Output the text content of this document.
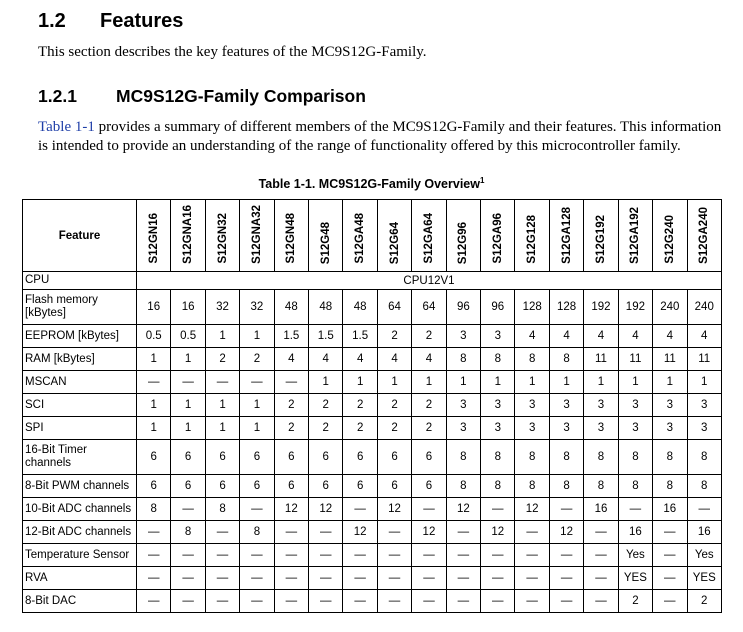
1.2 Features
This section describes the key features of the MC9S12G-Family.
1.2.1 MC9S12G-Family Comparison
Table 1-1 provides a summary of different members of the MC9S12G-Family and their features. This information is intended to provide an understanding of the range of functionality offered by this microcontroller family.
Table 1-1. MC9S12G-Family Overview$^1$
Feature	S12GN16	S12GNA16	S12GN32	S12GNA32	S12GN48	S12G48	S12GA48	S12G64	S12GA64	S12G96	S12GA96	S12G128	S12GA128	S12G192	S12GA192	S12G240	S12GA240
CPU	CPU12V1																
Flash memory [kBytes]	16	16	32	32	48	48	48	64	64	96	96	128	128	192	192	240	240
EEPROM [kBytes]	0.5	0.5	1	1	1.5	1.5	1.5	2	2	3	3	4	4	4	4	4	4
RAM [kBytes]	1	1	2	2	4	4	4	4	4	8	8	8	8	11	11	11	11
MSCAN	—	—	—	—	—	1	1	1	1	1	1	1	1	1	1	1	1
SCI	1	1	1	1	2	2	2	2	2	3	3	3	3	3	3	3	3
SPI	1	1	1	1	2	2	2	2	2	3	3	3	3	3	3	3	3
16-Bit Timer channels	6	6	6	6	6	6	6	6	6	8	8	8	8	8	8	8	8
8-Bit PWM channels	6	6	6	6	6	6	6	6	6	8	8	8	8	8	8	8	8
10-Bit ADC channels	8	—	8	—	12	12	—	12	—	12	—	12	—	16	—	16	—
12-Bit ADC channels	—	8	—	8	—	—	12	—	12	—	12	—	12	—	16	—	16
Temperature Sensor	—	—	—	—	—	—	—	—	—	—	—	—	—	—	Yes	—	Yes
RVA	—	—	—	—	—	—	—	—	—	—	—	—	—	—	YES	—	YES
8-Bit DAC	—	—	—	—	—	—	—	—	—	—	—	—	—	—	2	—	2
